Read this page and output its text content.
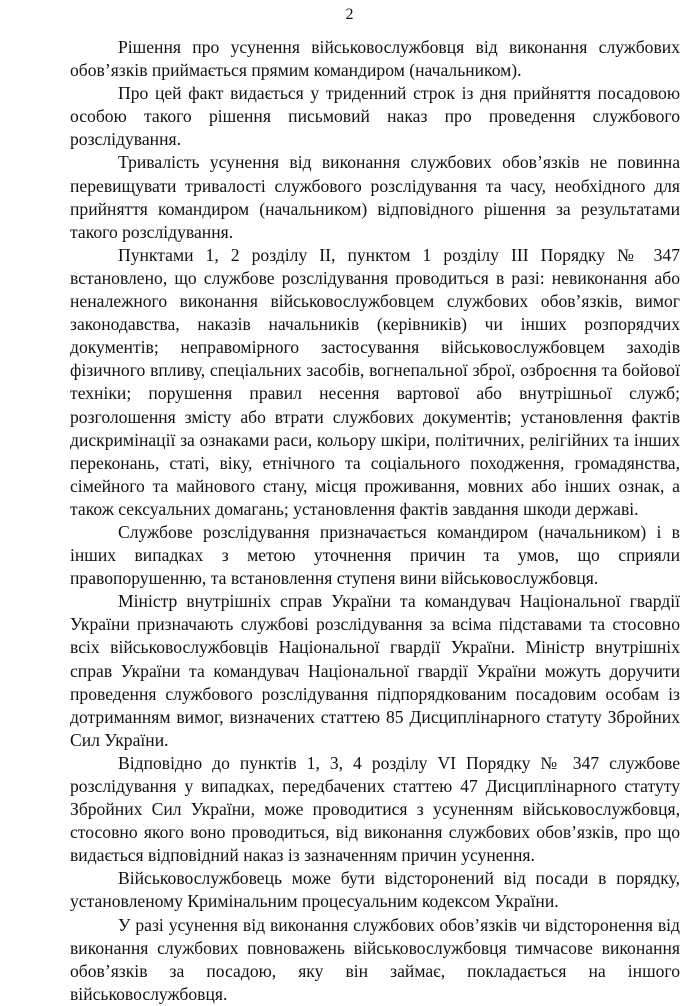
2

Рішення про усунення військовослужбовця від виконання службових обов’язків приймається прямим командиром (начальником).

Про цей факт видається у триденний строк із дня прийняття посадовою особою такого рішення письмовий наказ про проведення службового розслідування.

Тривалість усунення від виконання службових обов’язків не повинна перевищувати тривалості службового розслідування та часу, необхідного для прийняття командиром (начальником) відповідного рішення за результатами такого розслідування.

Пунктами 1, 2 розділу ІІ, пунктом 1 розділу ІІІ Порядку № 347 встановлено, що службове розслідування проводиться в разі: невиконання або неналежного виконання військовослужбовцем службових обов’язків, вимог законодавства, наказів начальників (керівників) чи інших розпорядчих документів; неправомірного застосування військовослужбовцем заходів фізичного впливу, спеціальних засобів, вогнепальної зброї, озброєння та бойової техніки; порушення правил несення вартової або внутрішньої служб; розголошення змісту або втрати службових документів; установлення фактів дискримінації за ознаками раси, кольору шкіри, політичних, релігійних та інших переконань, статі, віку, етнічного та соціального походження, громадянства, сімейного та майнового стану, місця проживання, мовних або інших ознак, а також сексуальних домагань; установлення фактів завдання шкоди державі.

Службове розслідування призначається командиром (начальником) і в інших випадках з метою уточнення причин та умов, що сприяли правопорушенню, та встановлення ступеня вини військовослужбовця.

Міністр внутрішніх справ України та командувач Національної гвардії України призначають службові розслідування за всіма підставами та стосовно всіх військовослужбовців Національної гвардії України. Міністр внутрішніх справ України та командувач Національної гвардії України можуть доручити проведення службового розслідування підпорядкованим посадовим особам із дотриманням вимог, визначених статтею 85 Дисциплінарного статуту Збройних Сил України.

Відповідно до пунктів 1, 3, 4 розділу VI Порядку № 347 службове розслідування у випадках, передбачених статтею 47 Дисциплінарного статуту Збройних Сил України, може проводитися з усуненням військовослужбовця, стосовно якого воно проводиться, від виконання службових обов’язків, про що видається відповідний наказ із зазначенням причин усунення.

Військовослужбовець може бути відсторонений від посади в порядку, установленому Кримінальним процесуальним кодексом України.

У разі усунення від виконання службових обов’язків чи відсторонення від виконання службових повноважень військовослужбовця тимчасове виконання обов’язків за посадою, яку він займає, покладається на іншого військовослужбовця.
